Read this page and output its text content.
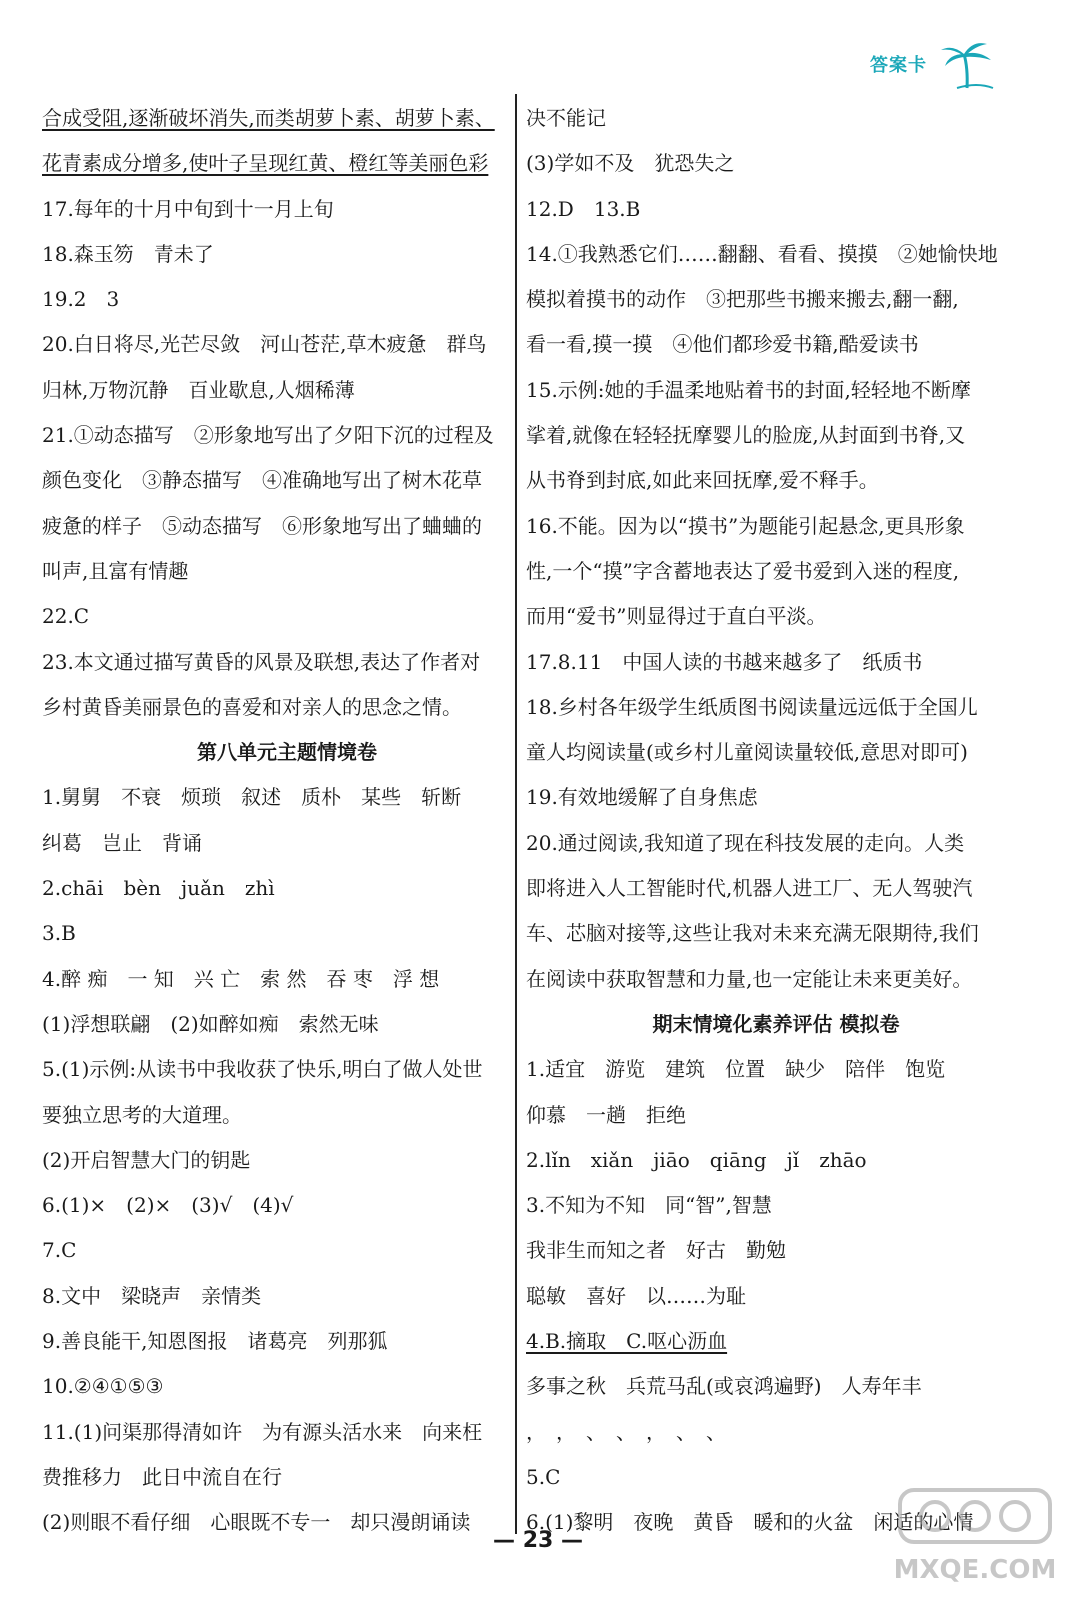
答案卡
合成受阻,逐渐破坏消失,而类胡萝卜素、胡萝卜素、
花青素成分增多,使叶子呈现红黄、橙红等美丽色彩
17.每年的十月中旬到十一月上旬
18.森玉笏　青未了
19.2　3
20.白日将尽,光芒尽敛　河山苍茫,草木疲惫　群鸟
归林,万物沉静　百业歇息,人烟稀薄
21.①动态描写　②形象地写出了夕阳下沉的过程及
颜色变化　③静态描写　④准确地写出了树木花草
疲惫的样子　⑤动态描写　⑥形象地写出了蛐蛐的
叫声,且富有情趣
22.C
23.本文通过描写黄昏的风景及联想,表达了作者对
乡村黄昏美丽景色的喜爱和对亲人的思念之情。
第八单元主题情境卷
1.舅舅　不衰　烦琐　叙述　质朴　某些　斩断
纠葛　岂止　背诵
2.chāi　bèn　juǎn　zhì
3.B
4.醉 痴　一 知　兴 亡　索 然　吞 枣　浮 想
(1)浮想联翩　(2)如醉如痴　索然无味
5.(1)示例:从读书中我收获了快乐,明白了做人处世
要独立思考的大道理。
(2)开启智慧大门的钥匙
6.(1)×　(2)×　(3)√　(4)√
7.C
8.文中　梁晓声　亲情类
9.善良能干,知恩图报　诸葛亮　列那狐
10.②④①⑤③
11.(1)问渠那得清如许　为有源头活水来　向来枉
费推移力　此日中流自在行
(2)则眼不看仔细　心眼既不专一　却只漫朗诵读
决不能记
(3)学如不及　犹恐失之
12.D　13.B
14.①我熟悉它们……翻翻、看看、摸摸　②她愉快地
模拟着摸书的动作　③把那些书搬来搬去,翻一翻,
看一看,摸一摸　④他们都珍爱书籍,酷爱读书
15.示例:她的手温柔地贴着书的封面,轻轻地不断摩
挲着,就像在轻轻抚摩婴儿的脸庞,从封面到书脊,又
从书脊到封底,如此来回抚摩,爱不释手。
16.不能。因为以“摸书”为题能引起悬念,更具形象
性,一个“摸”字含蓄地表达了爱书爱到入迷的程度,
而用“爱书”则显得过于直白平淡。
17.8.11　中国人读的书越来越多了　纸质书
18.乡村各年级学生纸质图书阅读量远远低于全国儿
童人均阅读量(或乡村儿童阅读量较低,意思对即可)
19.有效地缓解了自身焦虑
20.通过阅读,我知道了现在科技发展的走向。人类
即将进入人工智能时代,机器人进工厂、无人驾驶汽
车、芯脑对接等,这些让我对未来充满无限期待,我们
在阅读中获取智慧和力量,也一定能让未来更美好。
期末情境化素养评估 模拟卷
1.适宜　游览　建筑　位置　缺少　陪伴　饱览
仰慕　一趟　拒绝
2.lǐn　xiǎn　jiāo　qiāng　jǐ　zhāo
3.不知为不知　同“智”,智慧
我非生而知之者　好古　勤勉
聪敏　喜好　以……为耻
4.B.摘取　C.呕心沥血
多事之秋　兵荒马乱(或哀鸿遍野)　人寿年丰
，　，　、　、　，　、　、
5.C
6.(1)黎明　夜晚　黄昏　暖和的火盆　闲适的心情
— 23 —
MXQE.COM
